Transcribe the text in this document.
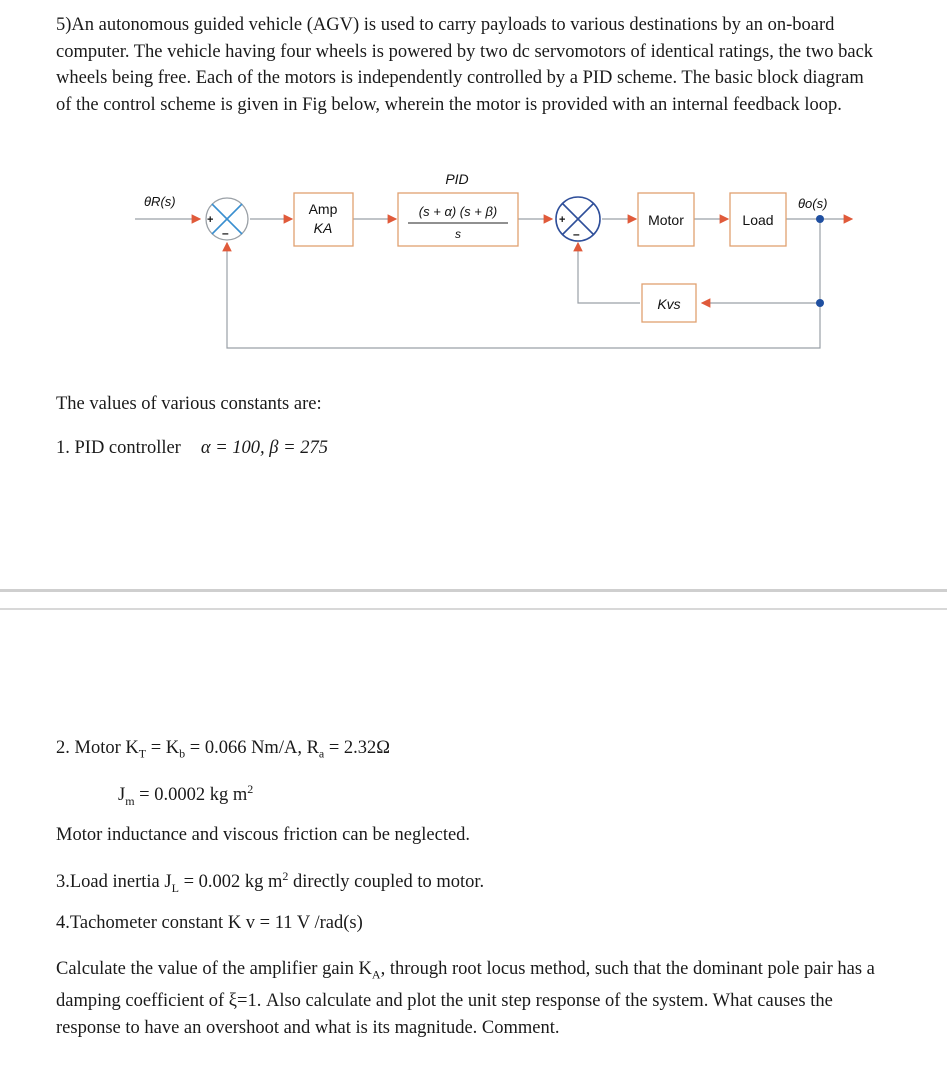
5)An autonomous guided vehicle (AGV) is used to carry payloads to various destinations by an on-board computer. The vehicle having four wheels is powered by two dc servomotors of identical ratings, the two back wheels being free. Each of the motors is independently controlled by a PID scheme. The basic block diagram of the control scheme is given in Fig below, wherein the motor is provided with an internal feedback loop.

+
–
+
–
Amp
KA
PID
(s + α) (s + β)
s
Motor	Load
Kvs
θR(s)	θo(s)
The values of various constants are:
1. PID controller α = 100, β = 275
2. Motor $K_T = K_b = 0.066$ Nm/A, $R_a = 2.32\Omega$
$J_m = 0.0002$ kg $m^2$
Motor inductance and viscous friction can be neglected.
3.Load inertia $J_L = 0.002$ kg $m^2$ directly coupled to motor.
4.Tachometer constant K v = 11 V /rad(s)

Calculate the value of the amplifier gain $K_A$, through root locus method, such that the dominant pole pair has a damping coefficient of ξ=1. Also calculate and plot the unit step response of the system. What causes the response to have an overshoot and what is its magnitude. Comment.
